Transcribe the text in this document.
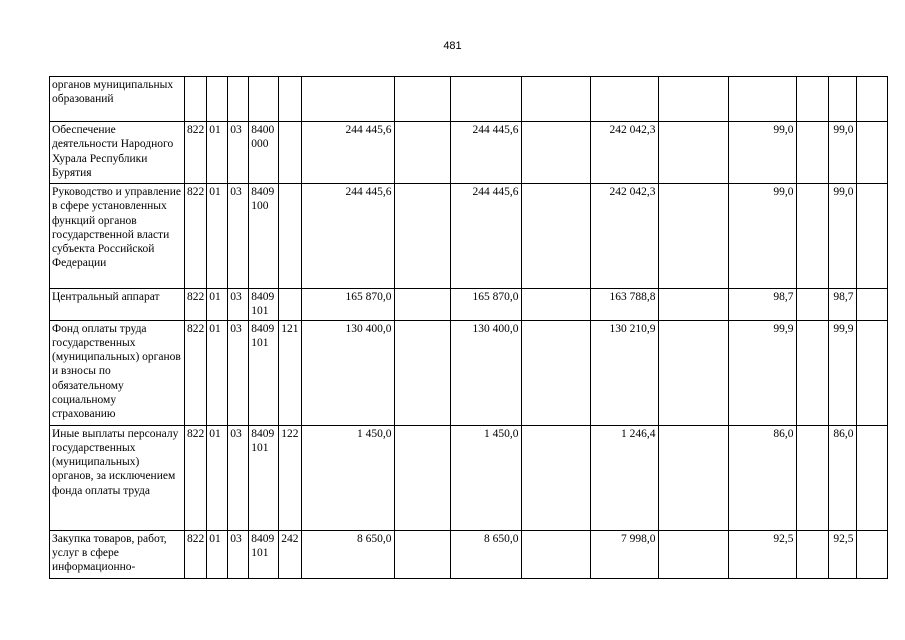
481
органов муниципальных образований															
Обеспечение деятельности Народного Хурала Республики Бурятия	822	01	03	8400 000		244 445,6		244 445,6		242 042,3		99,0		99,0	
Руководство и управление в сфере установленных функций органов государственной власти субъекта Российской Федерации	822	01	03	8409 100		244 445,6		244 445,6		242 042,3		99,0		99,0	
Центральный аппарат	822	01	03	8409 101		165 870,0		165 870,0		163 788,8		98,7		98,7	
Фонд оплаты труда государственных (муниципальных) органов и взносы по обязательному социальному страхованию	822	01	03	8409 101	121	130 400,0		130 400,0		130 210,9		99,9		99,9	
Иные выплаты персоналу государственных (муниципальных) органов, за исключением фонда оплаты труда	822	01	03	8409 101	122	1 450,0		1 450,0		1 246,4		86,0		86,0	
Закупка товаров, работ, услуг в сфере информационно-	822	01	03	8409 101	242	8 650,0		8 650,0		7 998,0		92,5		92,5	
